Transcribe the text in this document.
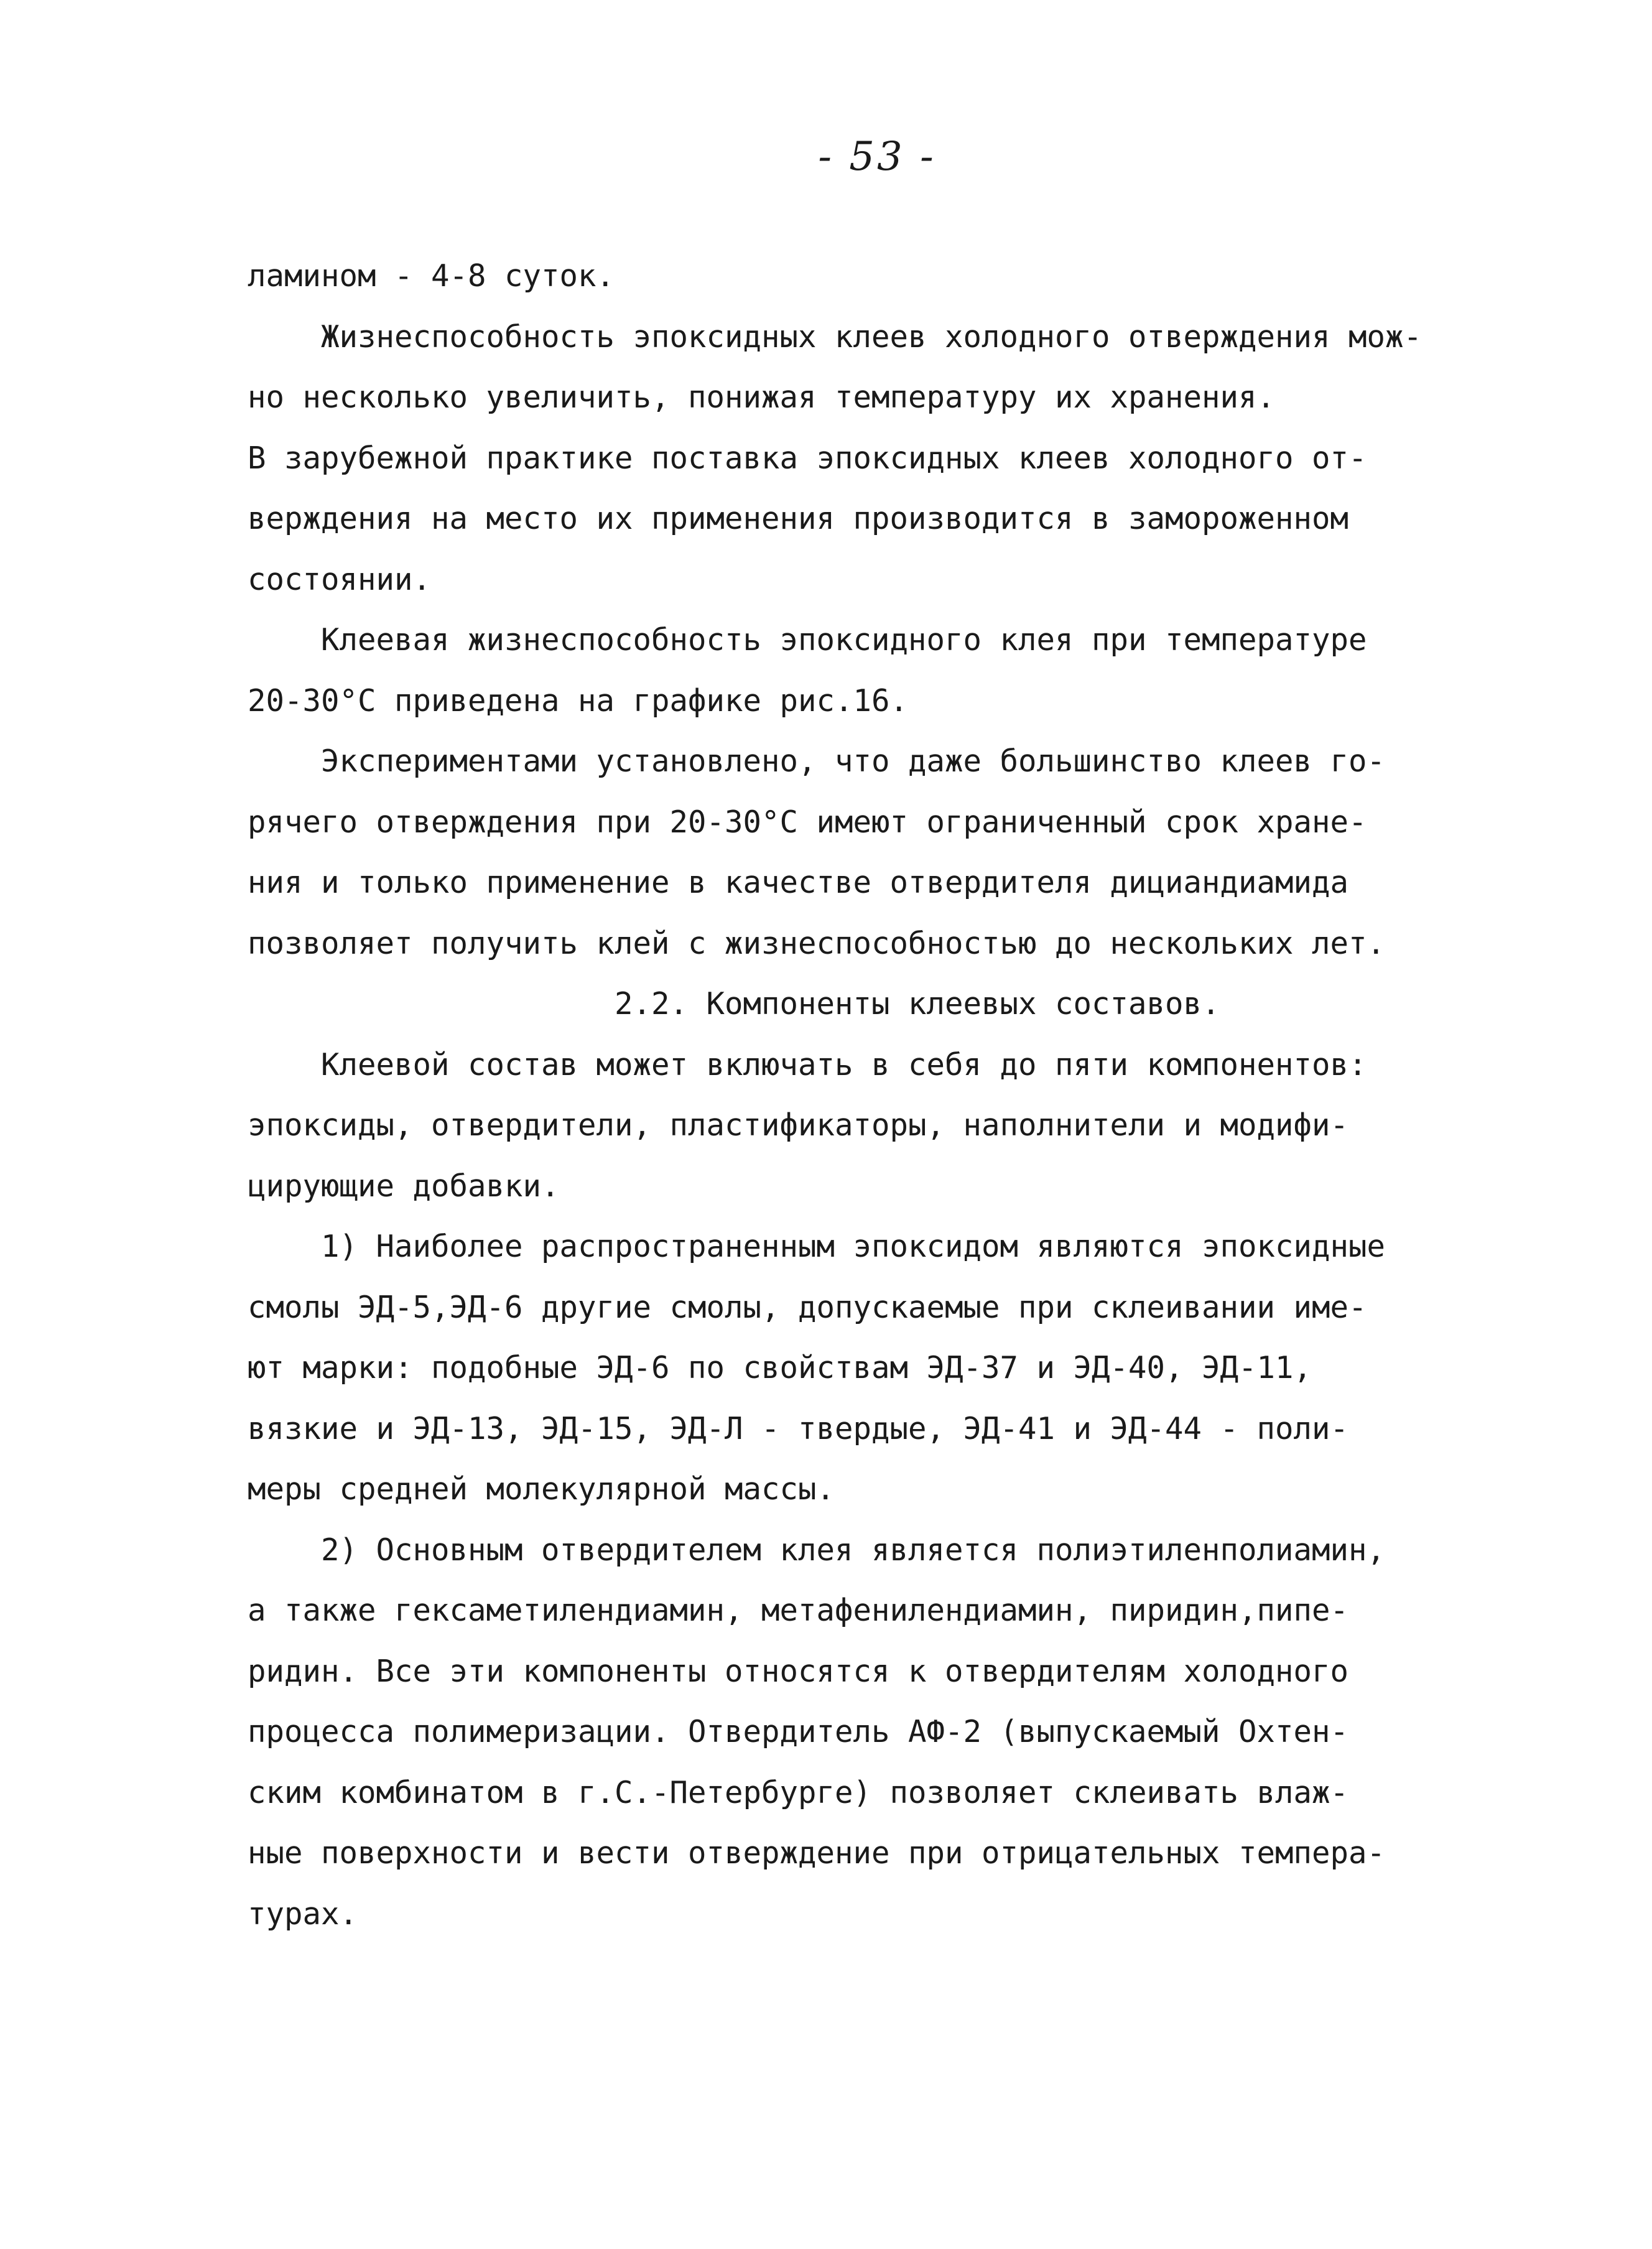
- 53 -
ламином - 4-8 суток.
Жизнеспособность эпоксидных клеев холодного отверждения мож-
но несколько увеличить, понижая температуру их хранения.
В зарубежной практике поставка эпоксидных клеев холодного от-
верждения на место их применения производится в замороженном
состоянии.
Клеевая жизнеспособность эпоксидного клея при температуре
20-30°С приведена на графике рис.16.
Экспериментами установлено, что даже большинство клеев го-
рячего отверждения при 20-30°С имеют ограниченный срок хране-
ния и только применение в качестве отвердителя дициандиамида
позволяет получить клей с жизнеспособностью до нескольких лет.
2.2. Компоненты клеевых составов.
Клеевой состав может включать в себя до пяти компонентов:
эпоксиды, отвердители, пластификаторы, наполнители и модифи-
цирующие добавки.
1) Наиболее распространенным эпоксидом являются эпоксидные
смолы ЭД-5,ЭД-6 другие смолы, допускаемые при склеивании име-
ют марки: подобные ЭД-6 по свойствам ЭД-37 и ЭД-40, ЭД-11,
вязкие и ЭД-13, ЭД-15, ЭД-Л - твердые, ЭД-41 и ЭД-44 - поли-
меры средней молекулярной массы.
2) Основным отвердителем клея является полиэтиленполиамин,
а также гексаметилендиамин, метафенилендиамин, пиридин,пипе-
ридин. Все эти компоненты относятся к отвердителям холодного
процесса полимеризации. Отвердитель АФ-2 (выпускаемый Охтен-
ским комбинатом в г.С.-Петербурге) позволяет склеивать влаж-
ные поверхности и вести отверждение при отрицательных темпера-
турах.
